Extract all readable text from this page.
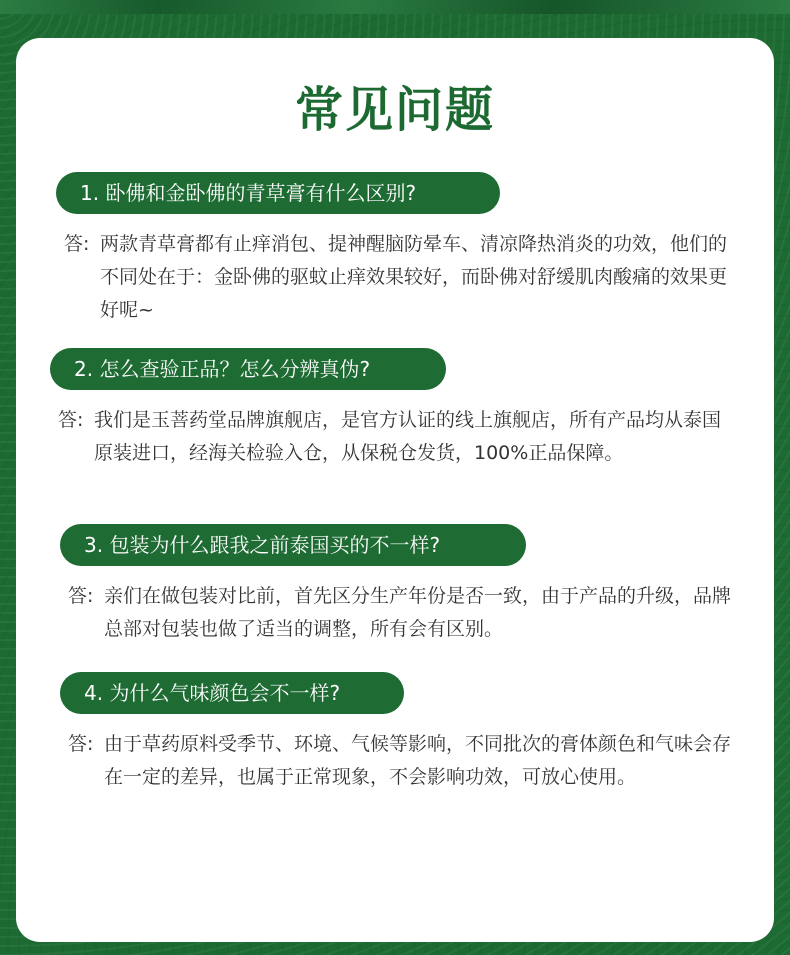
常见问题
1. 卧佛和金卧佛的青草膏有什么区别?
答: 两款青草膏都有止痒消包、提神醒脑防晕车、清凉降热消炎的功效，他们的不同处在于：金卧佛的驱蚊止痒效果较好，而卧佛对舒缓肌肉酸痛的效果更好呢~
2. 怎么查验正品？怎么分辨真伪?
答: 我们是玉菩药堂品牌旗舰店，是官方认证的线上旗舰店，所有产品均从泰国原装进口，经海关检验入仓，从保税仓发货，100%正品保障。
3. 包装为什么跟我之前泰国买的不一样?
答: 亲们在做包装对比前，首先区分生产年份是否一致，由于产品的升级，品牌总部对包装也做了适当的调整，所有会有区别。
4. 为什么气味颜色会不一样?
答: 由于草药原料受季节、环境、气候等影响，不同批次的膏体颜色和气味会存在一定的差异，也属于正常现象，不会影响功效，可放心使用。
